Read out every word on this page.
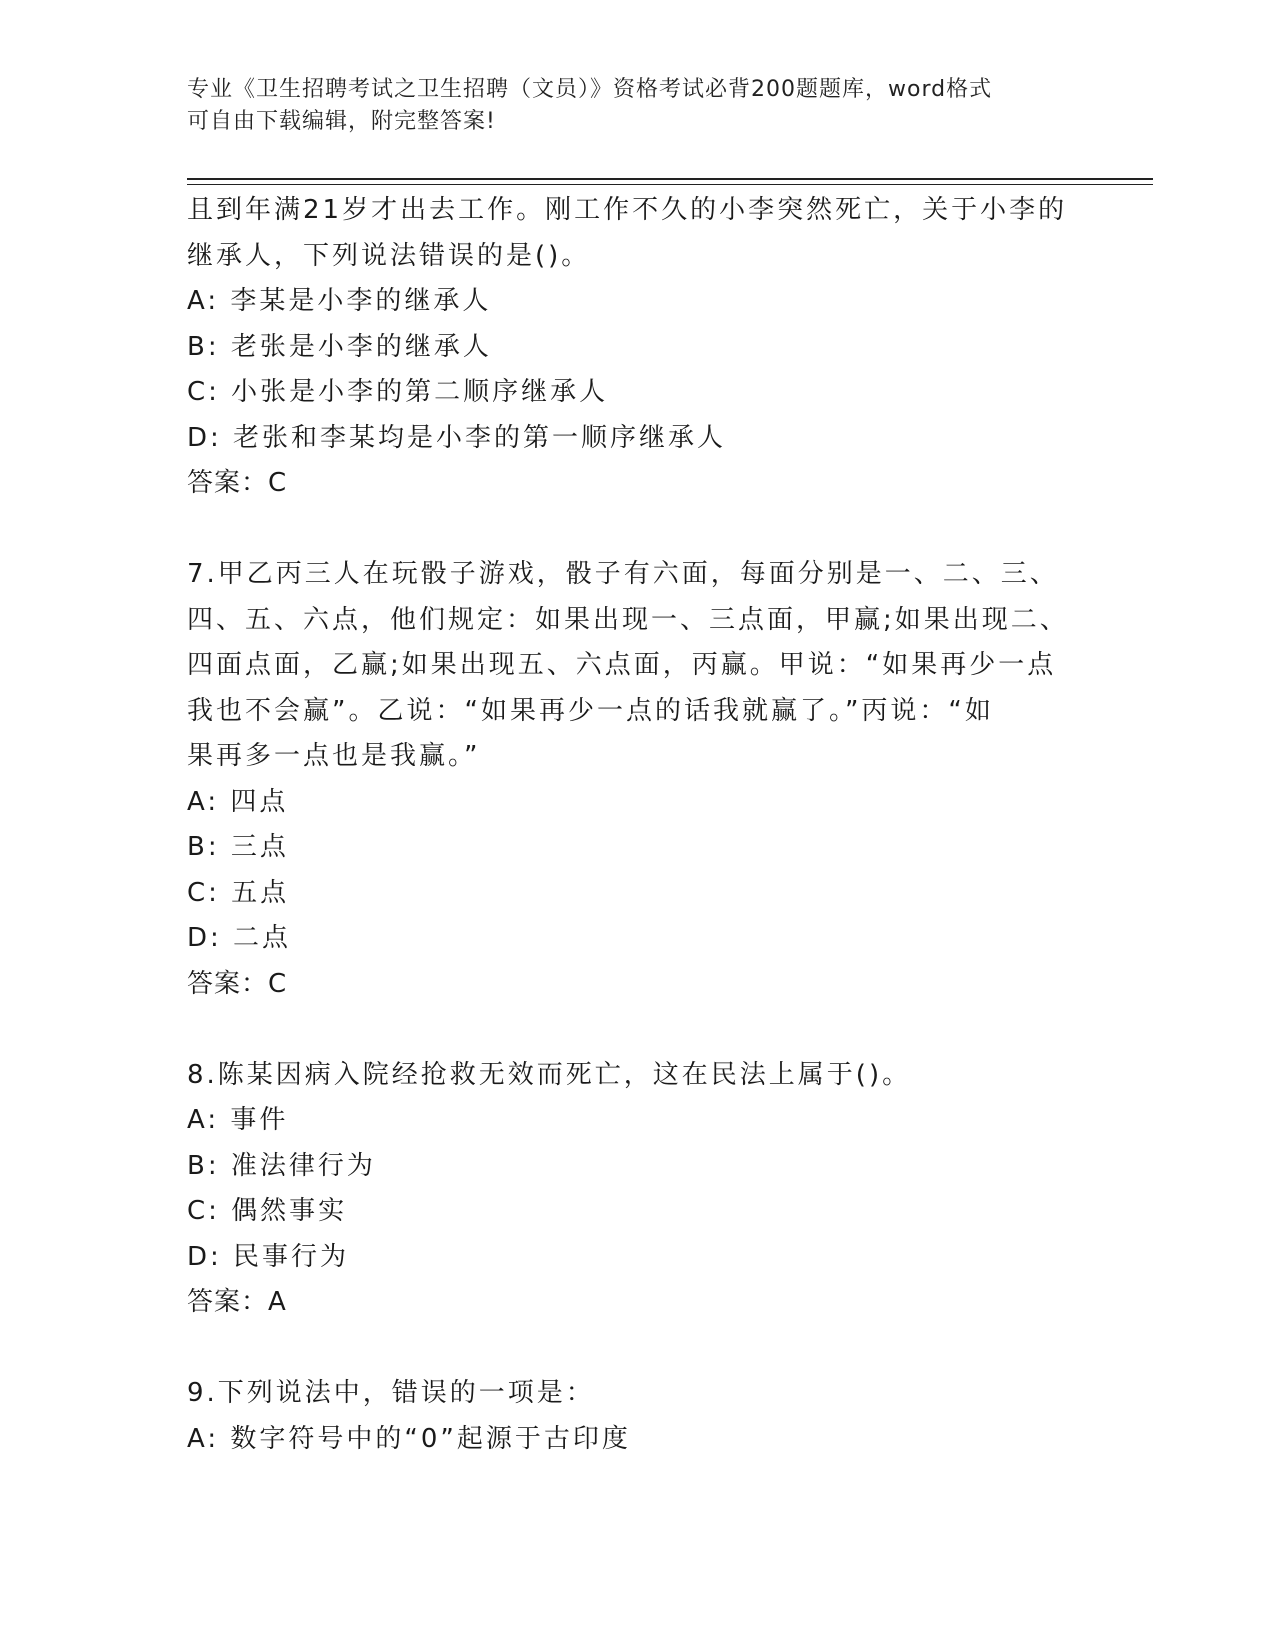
专业《卫生招聘考试之卫生招聘（文员）》资格考试必背200题题库，word格式
可自由下载编辑，附完整答案!
且到年满21岁才出去工作。刚工作不久的小李突然死亡，关于小李的
继承人，下列说法错误的是()。
A: 李某是小李的继承人
B: 老张是小李的继承人
C: 小张是小李的第二顺序继承人
D: 老张和李某均是小李的第一顺序继承人
答案：C
7.甲乙丙三人在玩骰子游戏，骰子有六面，每面分别是一、二、三、
四、五、六点，他们规定：如果出现一、三点面，甲赢;如果出现二、
四面点面，乙赢;如果出现五、六点面，丙赢。甲说：“如果再少一点
我也不会赢”。乙说：“如果再少一点的话我就赢了。”丙说：“如
果再多一点也是我赢。”
A: 四点
B: 三点
C: 五点
D: 二点
答案：C
8.陈某因病入院经抢救无效而死亡，这在民法上属于()。
A: 事件
B: 准法律行为
C: 偶然事实
D: 民事行为
答案：A
9.下列说法中，错误的一项是：
A: 数字符号中的“0”起源于古印度
